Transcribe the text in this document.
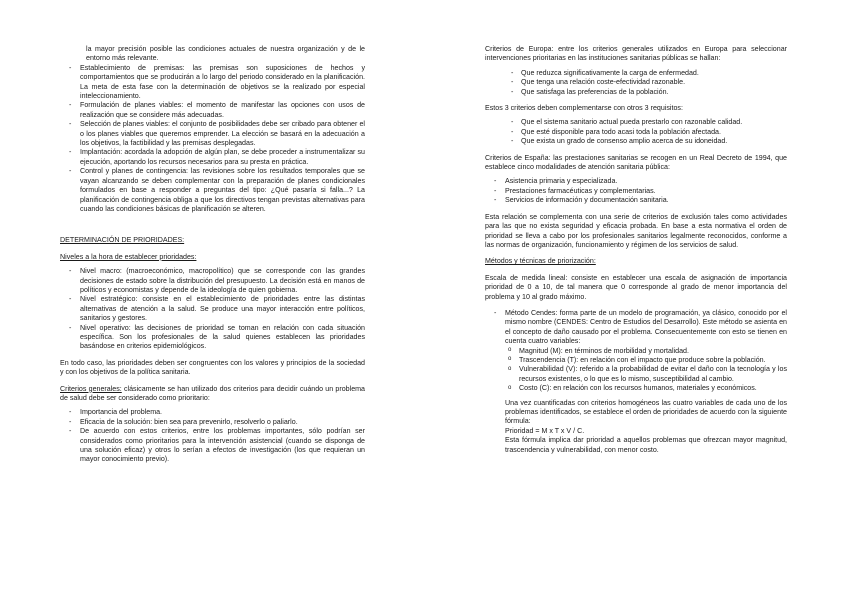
la mayor precisión posible las condiciones actuales de nuestra organización y de le entorno más relevante.

- Establecimiento de premisas: las premisas son suposiciones de hechos y comportamientos que se producirán a lo largo del periodo considerado en la planificación. La meta de esta fase con la determinación de objetivos se la realizado por especial inteleccionamiento.
- Formulación de planes viables: el momento de manifestar las opciones con usos de realización que se considere más adecuadas.
- Selección de planes viables: el conjunto de posibilidades debe ser cribado para obtener el o los planes viables que queremos emprender. La elección se basará en la adecuación a los objetivos, la factibilidad y las premisas desplegadas.
- Implantación: acordada la adopción de algún plan, se debe proceder a instrumentalizar su ejecución, aportando los recursos necesarios para su presta en práctica.
- Control y planes de contingencia: las revisiones sobre los resultados temporales que se vayan alcanzando se deben complementar con la preparación de planes condicionales formulados en base a responder a preguntas del tipo: ¿Qué pasaría si falla...? La planificación de contingencia obliga a que los directivos tengan previstas alternativas para cuando las condiciones básicas de planificación se alteren.

DETERMINACIÓN DE PRIORIDADES:

Niveles a la hora de establecer prioridades:

- Nivel macro: (macroeconómico, macropolítico) que se corresponde con las grandes decisiones de estado sobre la distribución del presupuesto. La decisión está en manos de políticos y economistas y depende de la ideología de quien gobierna.
- Nivel estratégico: consiste en el establecimiento de prioridades entre las distintas alternativas de atención a la salud. Se produce una mayor interacción entre políticos, sanitarios y gestores.
- Nivel operativo: las decisiones de prioridad se toman en relación con cada situación específica. Son los profesionales de la salud quienes establecen las prioridades basándose en criterios epidemiológicos.

En todo caso, las prioridades deben ser congruentes con los valores y principios de la sociedad y con los objetivos de la política sanitaria.

Criterios generales: clásicamente se han utilizado dos criterios para decidir cuándo un problema de salud debe ser considerado como prioritario:

- Importancia del problema.
- Eficacia de la solución: bien sea para prevenirlo, resolverlo o paliarlo.
- De acuerdo con estos criterios, entre los problemas importantes, sólo podrían ser considerados como prioritarios para la intervención asistencial (cuando se disponga de una solución eficaz) y otros lo serían a efectos de investigación (los que requieran un mayor conocimiento previo).

Criterios de Europa: entre los criterios generales utilizados en Europa para seleccionar intervenciones prioritarias en las instituciones sanitarias públicas se hallan:

- Que reduzca significativamente la carga de enfermedad.
- Que tenga una relación coste-efectividad razonable.
- Que satisfaga las preferencias de la población.

Estos 3 criterios deben complementarse con otros 3 requisitos:

- Que el sistema sanitario actual pueda prestarlo con razonable calidad.
- Que esté disponible para todo acasi toda la población afectada.
- Que exista un grado de consenso amplio acerca de su idoneidad.

Criterios de España: las prestaciones sanitarias se recogen en un Real Decreto de 1994, que establece cinco modalidades de atención sanitaria pública:

- Asistencia primaria y especializada.
- Prestaciones farmacéuticas y complementarias.
- Servicios de información y documentación sanitaria.

Esta relación se complementa con una serie de criterios de exclusión tales como actividades para las que no exista seguridad y eficacia probada. En base a esta normativa el orden de prioridad se lleva a cabo por los profesionales sanitarios legalmente reconocidos, conforme a las normas de organización, funcionamiento y régimen de los servicios de salud.

Métodos y técnicas de priorización:

Escala de medida lineal: consiste en establecer una escala de asignación de importancia prioridad de 0 a 10, de tal manera que 0 corresponde al grado de menor importancia del problema y 10 al grado máximo.

- Método Cendes: forma parte de un modelo de programación, ya clásico, conocido por el mismo nombre (CENDES: Centro de Estudios del Desarrollo). Este método se asienta en el concepto de daño causado por el problema. Consecuentemente con esto se tienen en cuenta cuatro variables:
o Magnitud (M): en términos de morbilidad y mortalidad.
o Trascendencia (T): en relación con el impacto que produce sobre la población.
o Vulnerabilidad (V): referido a la probabilidad de evitar el daño con la tecnología y los recursos existentes, o lo que es lo mismo, susceptibilidad al cambio.
o Costo (C): en relación con los recursos humanos, materiales y económicos.

Una vez cuantificadas con criterios homogéneos las cuatro variables de cada uno de los problemas identificados, se establece el orden de prioridades de acuerdo con la siguiente fórmula:

Prioridad = M x T x V / C.

Esta fórmula implica dar prioridad a aquellos problemas que ofrezcan mayor magnitud, trascendencia y vulnerabilidad, con menor costo.
